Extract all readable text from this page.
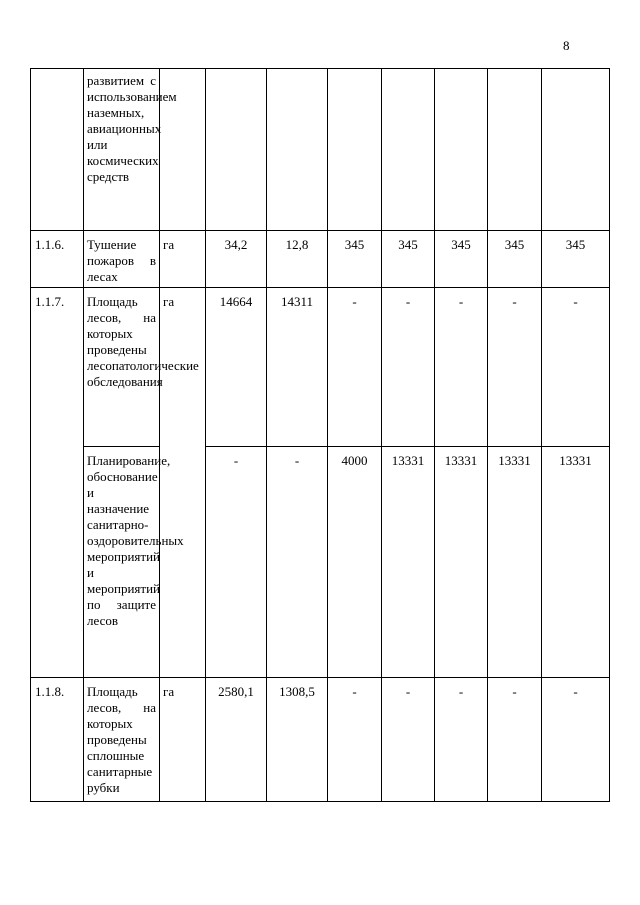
8
	развитием с использованием наземных, авиационных или космических средств								
1.1.6.	Тушение пожаров в лесах	га	34,2	12,8	345	345	345	345	345
1.1.7.	Площадь лесов, на которых проведены лесопатологические обследования	га	14664	14311	-	-	-	-	-
	Планирование, обоснование и назначение санитарно-оздоровительных мероприятий и мероприятий по защите лесов		-	-	4000	13331	13331	13331	13331
1.1.8.	Площадь лесов, на которых проведены сплошные санитарные рубки	га	2580,1	1308,5	-	-	-	-	-
